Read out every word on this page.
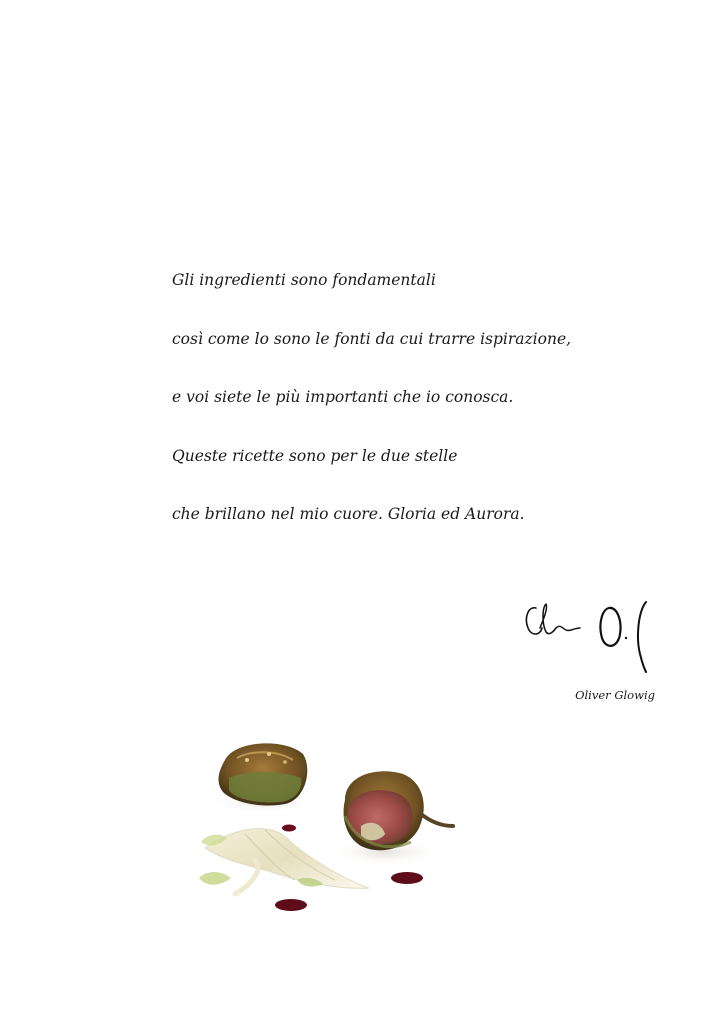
Gli ingredienti sono fondamentali
così come lo sono le fonti da cui trarre ispirazione,
e voi siete le più importanti che io conosca.
Queste ricette sono per le due stelle
che brillano nel mio cuore. Gloria ed Aurora.
Oliver Glowig
